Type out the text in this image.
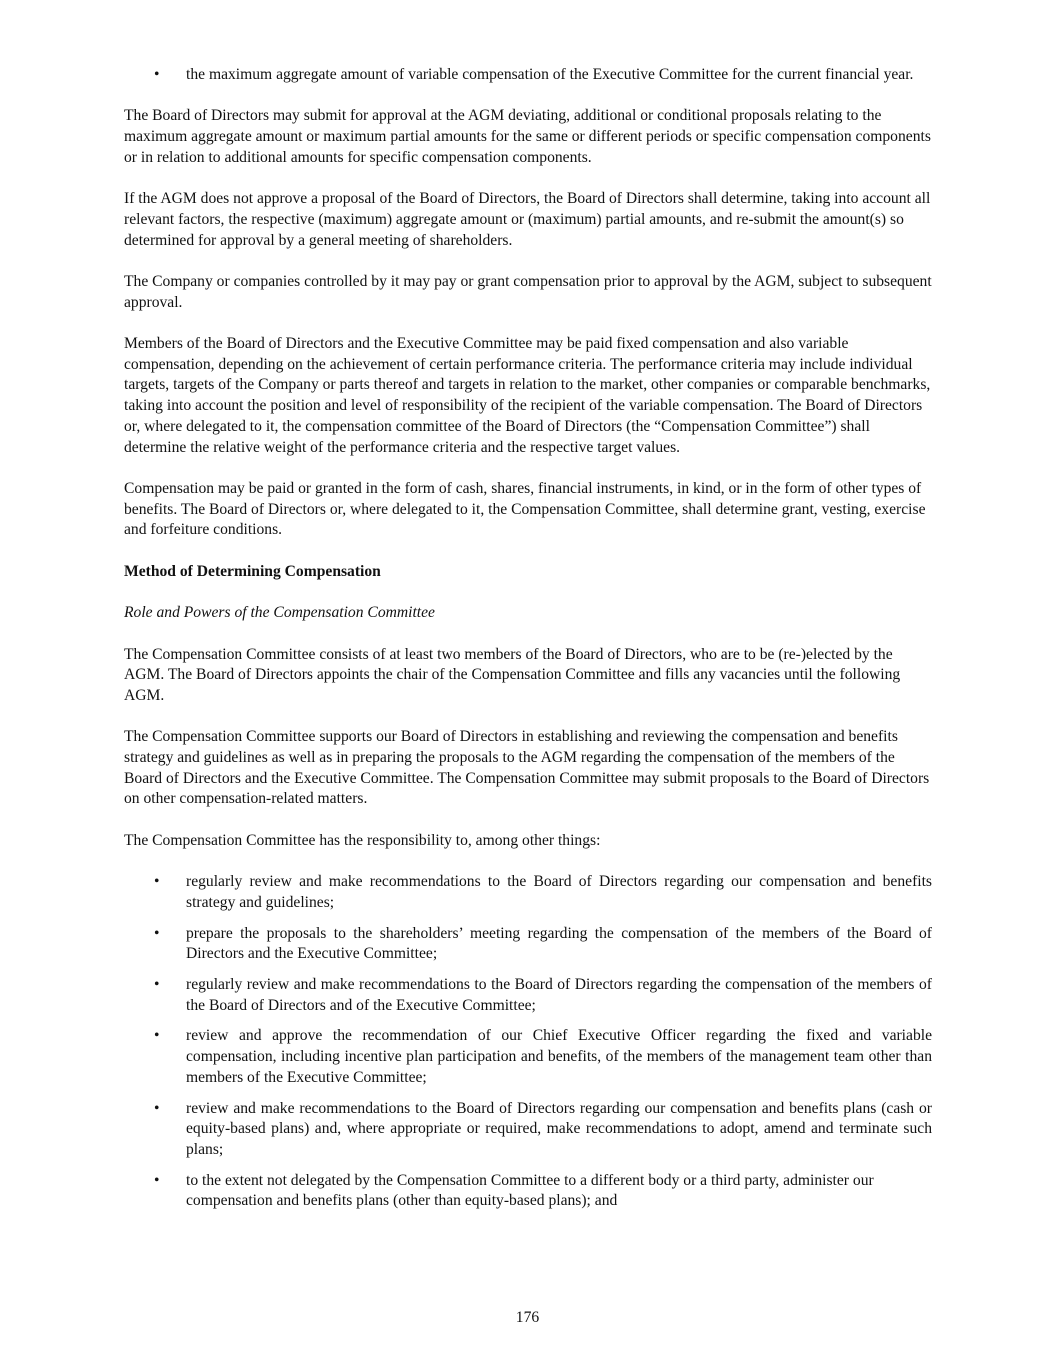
• the maximum aggregate amount of variable compensation of the Executive Committee for the current financial year.

The Board of Directors may submit for approval at the AGM deviating, additional or conditional proposals relating to the maximum aggregate amount or maximum partial amounts for the same or different periods or specific compensation components or in relation to additional amounts for specific compensation components.

If the AGM does not approve a proposal of the Board of Directors, the Board of Directors shall determine, taking into account all relevant factors, the respective (maximum) aggregate amount or (maximum) partial amounts, and re-submit the amount(s) so determined for approval by a general meeting of shareholders.

The Company or companies controlled by it may pay or grant compensation prior to approval by the AGM, subject to subsequent approval.

Members of the Board of Directors and the Executive Committee may be paid fixed compensation and also variable compensation, depending on the achievement of certain performance criteria. The performance criteria may include individual targets, targets of the Company or parts thereof and targets in relation to the market, other companies or comparable benchmarks, taking into account the position and level of responsibility of the recipient of the variable compensation. The Board of Directors or, where delegated to it, the compensation committee of the Board of Directors (the “Compensation Committee”) shall determine the relative weight of the performance criteria and the respective target values.

Compensation may be paid or granted in the form of cash, shares, financial instruments, in kind, or in the form of other types of benefits. The Board of Directors or, where delegated to it, the Compensation Committee, shall determine grant, vesting, exercise and forfeiture conditions.

Method of Determining Compensation

Role and Powers of the Compensation Committee

The Compensation Committee consists of at least two members of the Board of Directors, who are to be (re-)elected by the AGM. The Board of Directors appoints the chair of the Compensation Committee and fills any vacancies until the following AGM.

The Compensation Committee supports our Board of Directors in establishing and reviewing the compensation and benefits strategy and guidelines as well as in preparing the proposals to the AGM regarding the compensation of the members of the Board of Directors and the Executive Committee. The Compensation Committee may submit proposals to the Board of Directors on other compensation-related matters.

The Compensation Committee has the responsibility to, among other things:

• regularly review and make recommendations to the Board of Directors regarding our compensation and benefits strategy and guidelines;
• prepare the proposals to the shareholders’ meeting regarding the compensation of the members of the Board of Directors and the Executive Committee;
• regularly review and make recommendations to the Board of Directors regarding the compensation of the members of the Board of Directors and of the Executive Committee;
• review and approve the recommendation of our Chief Executive Officer regarding the fixed and variable compensation, including incentive plan participation and benefits, of the members of the management team other than members of the Executive Committee;
• review and make recommendations to the Board of Directors regarding our compensation and benefits plans (cash or equity-based plans) and, where appropriate or required, make recommendations to adopt, amend and terminate such plans;
• to the extent not delegated by the Compensation Committee to a different body or a third party, administer our compensation and benefits plans (other than equity-based plans); and
176
